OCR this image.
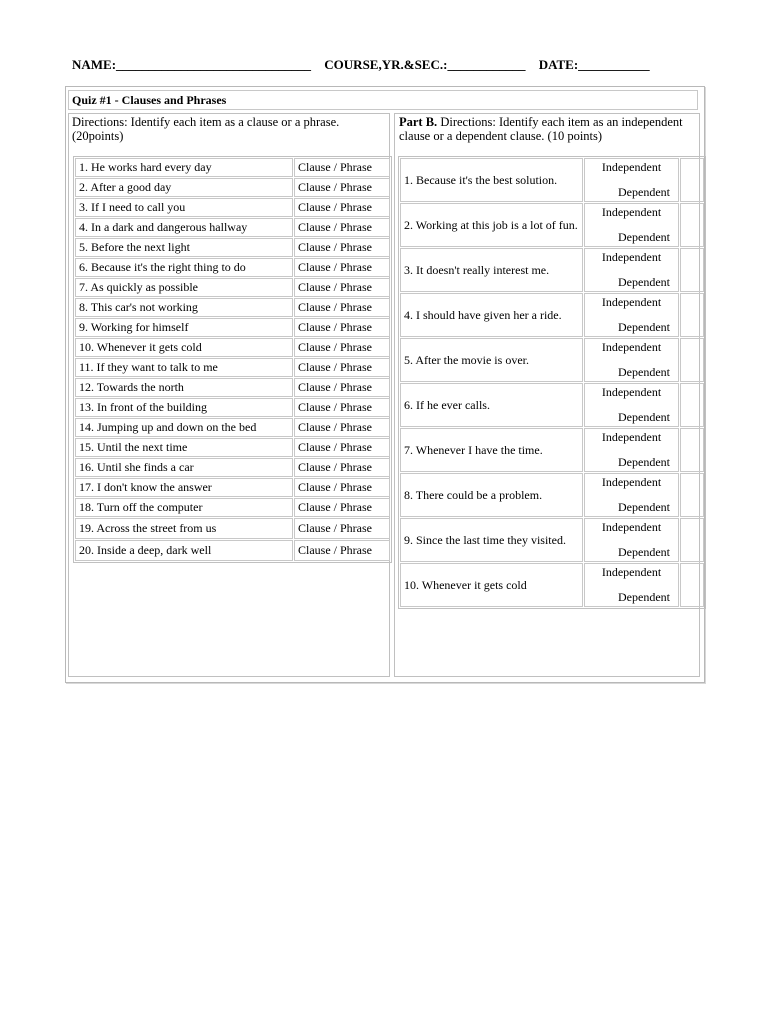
NAME:______________________________ COURSE,YR.&SEC.:____________ DATE:___________
Quiz #1 - Clauses and Phrases
Directions: Identify each item as a clause or a phrase. (20points)
Part B. Directions: Identify each item as an independent clause or a dependent clause. (10 points)
1. He works hard every day	Clause / Phrase
2. After a good day	Clause / Phrase
3. If I need to call you	Clause / Phrase
4. In a dark and dangerous hallway	Clause / Phrase
5. Before the next light	Clause / Phrase
6. Because it's the right thing to do	Clause / Phrase
7. As quickly as possible	Clause / Phrase
8. This car's not working	Clause / Phrase
9. Working for himself	Clause / Phrase
10. Whenever it gets cold	Clause / Phrase
11. If they want to talk to me	Clause / Phrase
12. Towards the north	Clause / Phrase
13. In front of the building	Clause / Phrase
14. Jumping up and down on the bed	Clause / Phrase
15. Until the next time	Clause / Phrase
16. Until she finds a car	Clause / Phrase
17. I don't know the answer	Clause / Phrase
18. Turn off the computer	Clause / Phrase
19. Across the street from us	Clause / Phrase
20. Inside a deep, dark well	Clause / Phrase
1. Because it's the best solution.	Independent
Dependent	

2. Working at this job is a lot of fun.	Independent
Dependent	

3. It doesn't really interest me.	Independent
Dependent	

4. I should have given her a ride.	Independent
Dependent	

5. After the movie is over.	Independent
Dependent	

6. If he ever calls.	Independent
Dependent	

7. Whenever I have the time.	Independent
Dependent	

8. There could be a problem.	Independent
Dependent	

9. Since the last time they visited.	Independent
Dependent	

10. Whenever it gets cold	Independent
Dependent	
